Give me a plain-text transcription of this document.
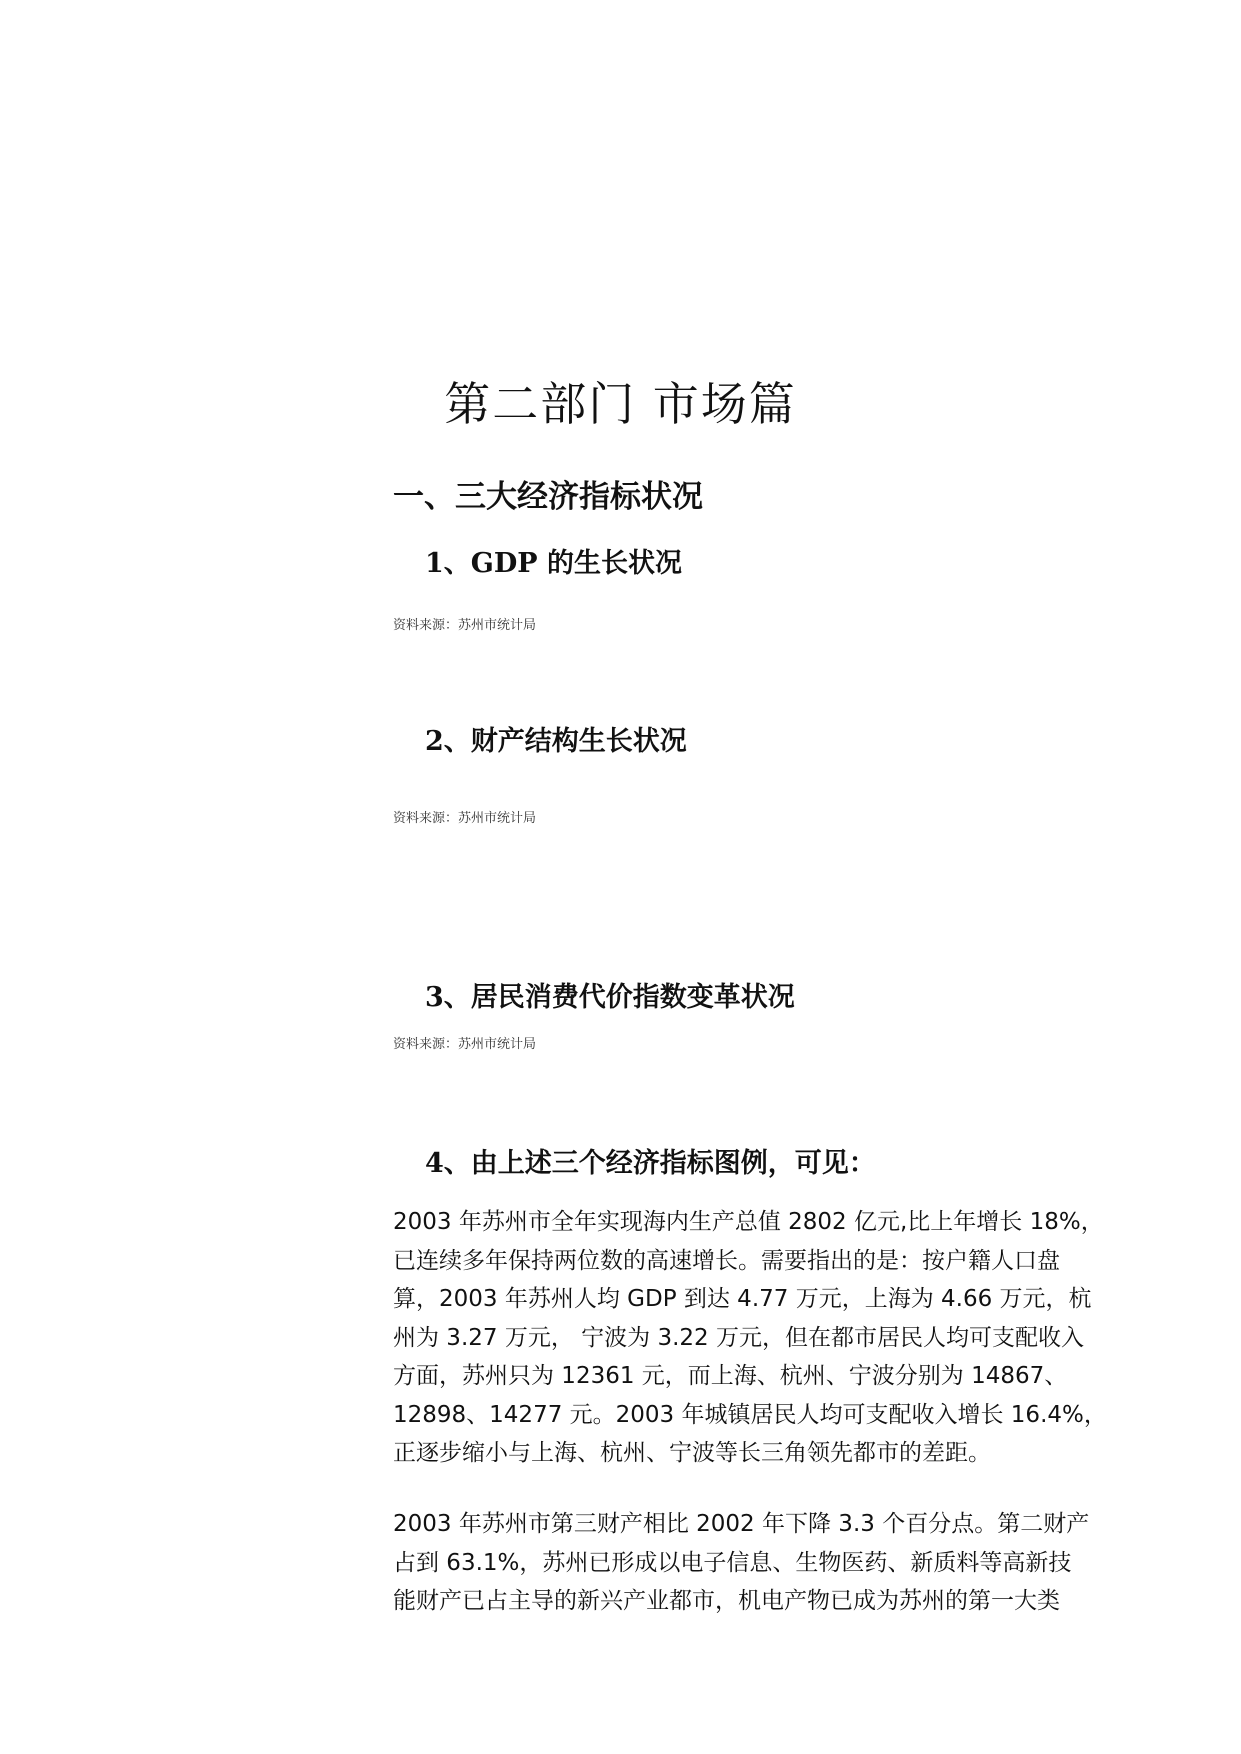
第二部门 市场篇
一、三大经济指标状况
1、GDP 的生长状况
资料来源：苏州市统计局
2、财产结构生长状况
资料来源：苏州市统计局
3、居民消费代价指数变革状况
资料来源：苏州市统计局
4、由上述三个经济指标图例，可见：
2003 年苏州市全年实现海内生产总值 2802 亿元,比上年增长 18%，
已连续多年保持两位数的高速增长。需要指出的是：按户籍人口盘
算，2003 年苏州人均 GDP 到达 4.77 万元，上海为 4.66 万元，杭
州为 3.27 万元， 宁波为 3.22 万元，但在都市居民人均可支配收入
方面，苏州只为 12361 元，而上海、杭州、宁波分别为 14867、
12898、14277 元。2003 年城镇居民人均可支配收入增长 16.4%，
正逐步缩小与上海、杭州、宁波等长三角领先都市的差距。
2003 年苏州市第三财产相比 2002 年下降 3.3 个百分点。第二财产
占到 63.1%，苏州已形成以电子信息、生物医药、新质料等高新技
能财产已占主导的新兴产业都市，机电产物已成为苏州的第一大类
